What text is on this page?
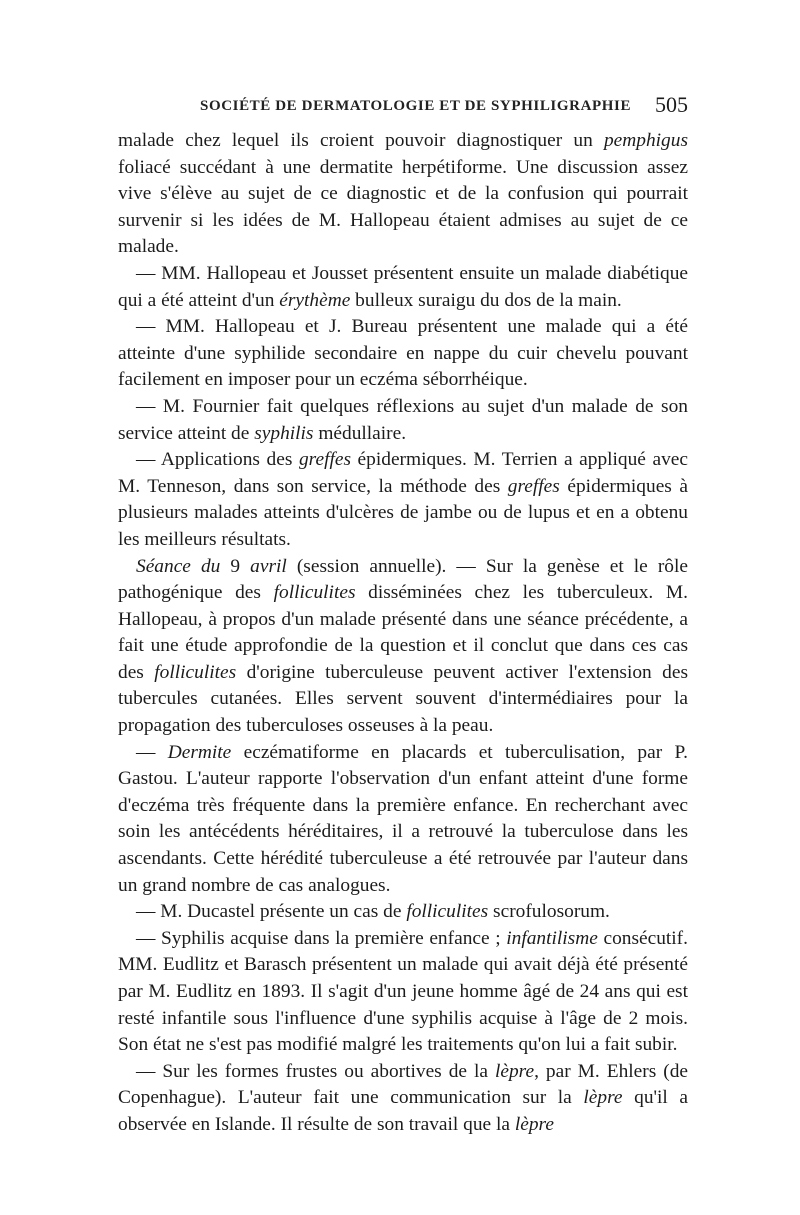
SOCIÉTÉ DE DERMATOLOGIE ET DE SYPHILIGRAPHIE 505

malade chez lequel ils croient pouvoir diagnostiquer un pemphigus foliacé succédant à une dermatite herpétiforme. Une discussion assez vive s'élève au sujet de ce diagnostic et de la confusion qui pourrait survenir si les idées de M. Hallopeau étaient admises au sujet de ce malade.

— MM. Hallopeau et Jousset présentent ensuite un malade diabétique qui a été atteint d'un érythème bulleux suraigu du dos de la main.

— MM. Hallopeau et J. Bureau présentent une malade qui a été atteinte d'une syphilide secondaire en nappe du cuir chevelu pouvant facilement en imposer pour un eczéma séborrhéique.

— M. Fournier fait quelques réflexions au sujet d'un malade de son service atteint de syphilis médullaire.

— Applications des greffes épidermiques. M. Terrien a appliqué avec M. Tenneson, dans son service, la méthode des greffes épidermiques à plusieurs malades atteints d'ulcères de jambe ou de lupus et en a obtenu les meilleurs résultats.

Séance du 9 avril (session annuelle). — Sur la genèse et le rôle pathogénique des folliculites disséminées chez les tuberculeux. M. Hallopeau, à propos d'un malade présenté dans une séance précédente, a fait une étude approfondie de la question et il conclut que dans ces cas des folliculites d'origine tuberculeuse peuvent activer l'extension des tubercules cutanées. Elles servent souvent d'intermédiaires pour la propagation des tuberculoses osseuses à la peau.

— Dermite eczématiforme en placards et tuberculisation, par P. Gastou. L'auteur rapporte l'observation d'un enfant atteint d'une forme d'eczéma très fréquente dans la première enfance. En recherchant avec soin les antécédents héréditaires, il a retrouvé la tuberculose dans les ascendants. Cette hérédité tuberculeuse a été retrouvée par l'auteur dans un grand nombre de cas analogues.

— M. Ducastel présente un cas de folliculites scrofulosorum.

— Syphilis acquise dans la première enfance ; infantilisme consécutif. MM. Eudlitz et Barasch présentent un malade qui avait déjà été présenté par M. Eudlitz en 1893. Il s'agit d'un jeune homme âgé de 24 ans qui est resté infantile sous l'influence d'une syphilis acquise à l'âge de 2 mois. Son état ne s'est pas modifié malgré les traitements qu'on lui a fait subir.

— Sur les formes frustes ou abortives de la lèpre, par M. Ehlers (de Copenhague). L'auteur fait une communication sur la lèpre qu'il a observée en Islande. Il résulte de son travail que la lèpre
